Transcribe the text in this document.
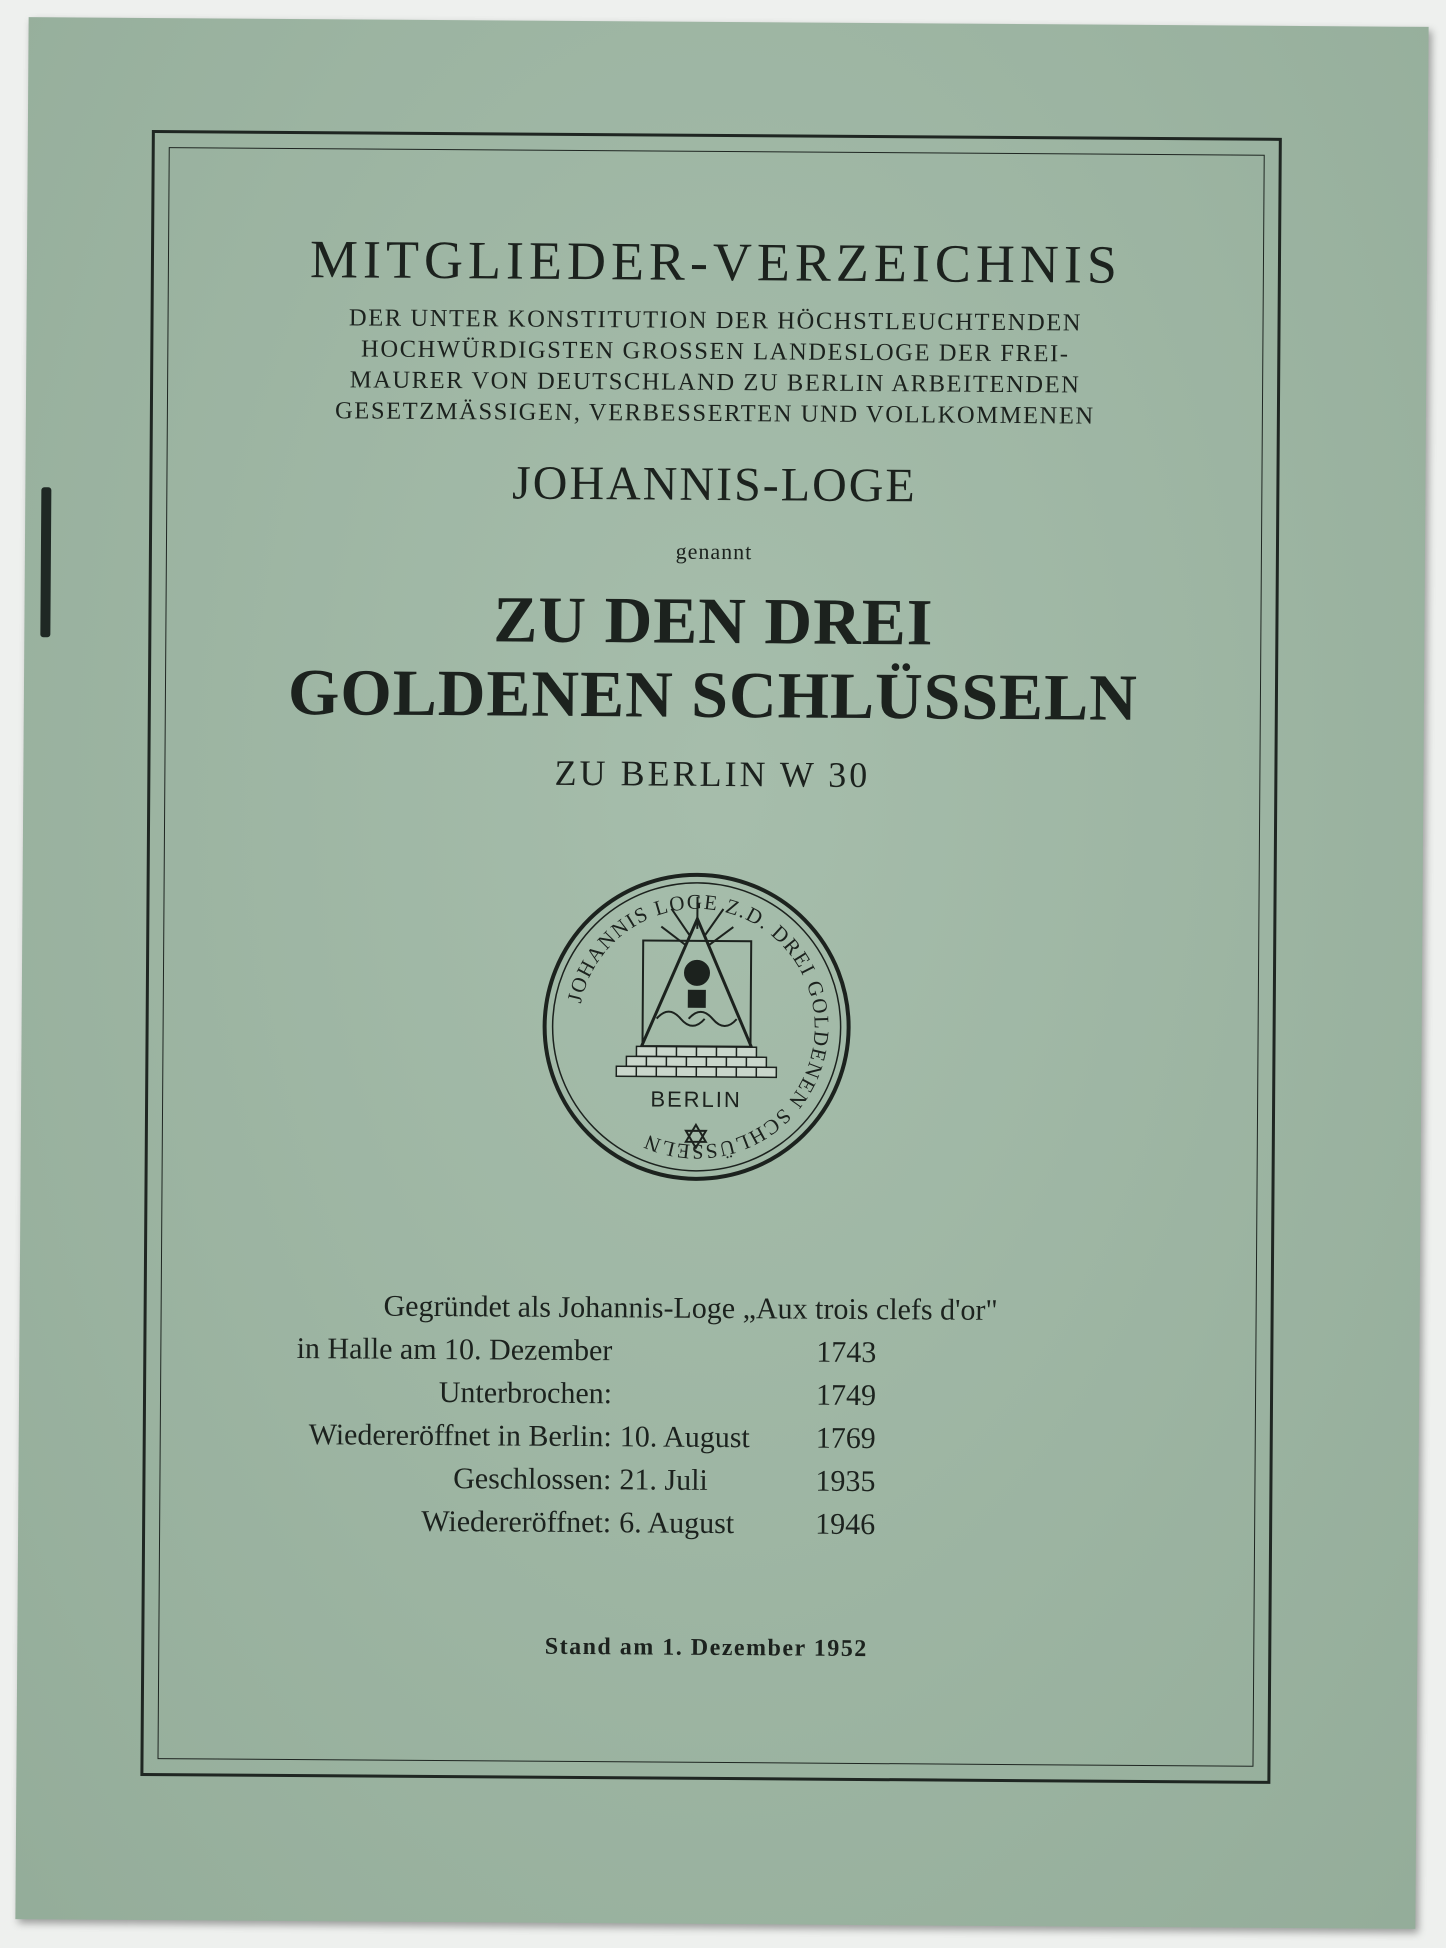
MITGLIEDER-VERZEICHNIS
DER UNTER KONSTITUTION DER HÖCHSTLEUCHTENDEN
HOCHWÜRDIGSTEN GROSSEN LANDESLOGE DER FREI-
MAURER VON DEUTSCHLAND ZU BERLIN ARBEITENDEN
GESETZMÄSSIGEN, VERBESSERTEN UND VOLLKOMMENEN
JOHANNIS-LOGE
genannt
ZU DEN DREI
GOLDENEN SCHLÜSSELN
ZU BERLIN W 30
JOHANNIS LOGE Z.D. DREI GOLDENEN SCHLÜSSELN
BERLIN
Gegründet als Johannis-Loge „Aux trois clefs d'or"
in Halle am 10. Dezember	1743
Unterbrochen:	1749
Wiedereröffnet in Berlin: 10. August 1769
Geschlossen: 21. Juli	1935
Wiedereröffnet: 6. August	1946
Stand am 1. Dezember 1952
